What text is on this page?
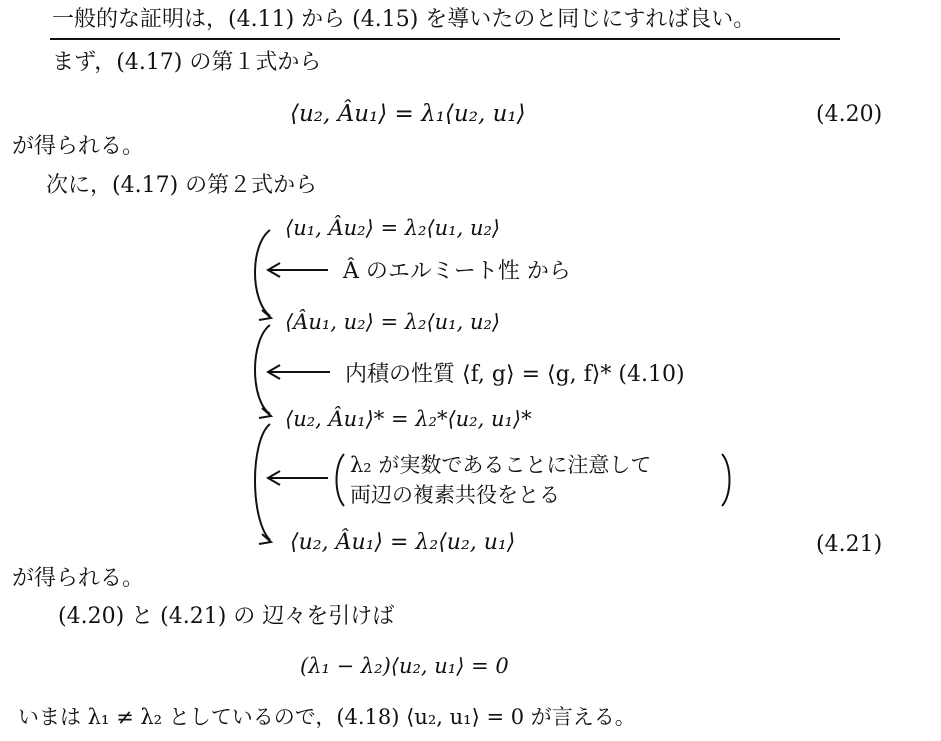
一般的な証明は，(4.11) から (4.15) を導いたのと同じにすれば良い。
まず，(4.17) の第１式から
⟨u₂, Âu₁⟩ = λ₁⟨u₂, u₁⟩	(4.20)
が得られる。
次に，(4.17) の第２式から
⟨u₁, Âu₂⟩ = λ₂⟨u₁, u₂⟩
Â のエルミート性 から
⟨Âu₁, u₂⟩ = λ₂⟨u₁, u₂⟩
内積の性質 ⟨f, g⟩ = ⟨g, f⟩* (4.10)
⟨u₂, Âu₁⟩* = λ₂*⟨u₂, u₁⟩*
λ₂ が実数であることに注意して
両辺の複素共役をとる
⟨u₂, Âu₁⟩ = λ₂⟨u₂, u₁⟩	(4.21)
が得られる。
(4.20) と (4.21) の 辺々を引けば
(λ₁ − λ₂)⟨u₂, u₁⟩ = 0
いまは λ₁ ≠ λ₂ としているので，(4.18) ⟨u₂, u₁⟩ = 0 が言える。
